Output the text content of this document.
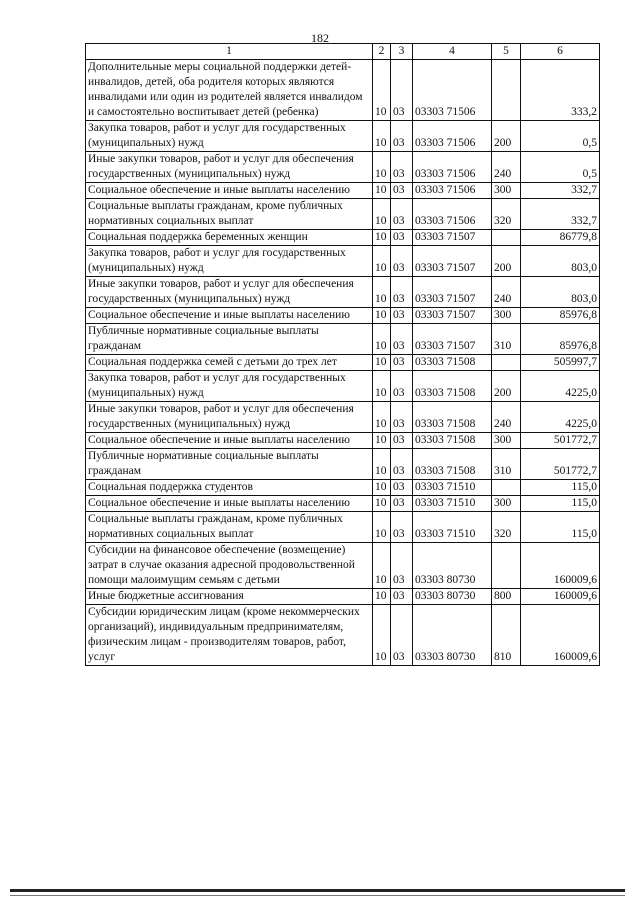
182
1	2	3	4	5	6
Дополнительные меры социальной поддержки детей-инвалидов, детей, оба родителя которых являются инвалидами или один из родителей является инвалидом и самостоятельно воспитывает детей (ребенка)	10	03	03303 71506		333,2
Закупка товаров, работ и услуг для государственных (муниципальных) нужд	10	03	03303 71506	200	0,5
Иные закупки товаров, работ и услуг для обеспечения государственных (муниципальных) нужд	10	03	03303 71506	240	0,5
Социальное обеспечение и иные выплаты населению	10	03	03303 71506	300	332,7
Социальные выплаты гражданам, кроме публичных нормативных социальных выплат	10	03	03303 71506	320	332,7
Социальная поддержка беременных женщин	10	03	03303 71507		86779,8
Закупка товаров, работ и услуг для государственных (муниципальных) нужд	10	03	03303 71507	200	803,0
Иные закупки товаров, работ и услуг для обеспечения государственных (муниципальных) нужд	10	03	03303 71507	240	803,0
Социальное обеспечение и иные выплаты населению	10	03	03303 71507	300	85976,8
Публичные нормативные социальные выплаты гражданам	10	03	03303 71507	310	85976,8
Социальная поддержка семей с детьми до трех лет	10	03	03303 71508		505997,7
Закупка товаров, работ и услуг для государственных (муниципальных) нужд	10	03	03303 71508	200	4225,0
Иные закупки товаров, работ и услуг для обеспечения государственных (муниципальных) нужд	10	03	03303 71508	240	4225,0
Социальное обеспечение и иные выплаты населению	10	03	03303 71508	300	501772,7
Публичные нормативные социальные выплаты гражданам	10	03	03303 71508	310	501772,7
Социальная поддержка студентов	10	03	03303 71510		115,0
Социальное обеспечение и иные выплаты населению	10	03	03303 71510	300	115,0
Социальные выплаты гражданам, кроме публичных нормативных социальных выплат	10	03	03303 71510	320	115,0
Субсидии на финансовое обеспечение (возмещение) затрат в случае оказания адресной продовольственной помощи малоимущим семьям с детьми	10	03	03303 80730		160009,6
Иные бюджетные ассигнования	10	03	03303 80730	800	160009,6
Субсидии юридическим лицам (кроме некоммерческих организаций), индивидуальным предпринимателям, физическим лицам - производителям товаров, работ, услуг	10	03	03303 80730	810	160009,6
